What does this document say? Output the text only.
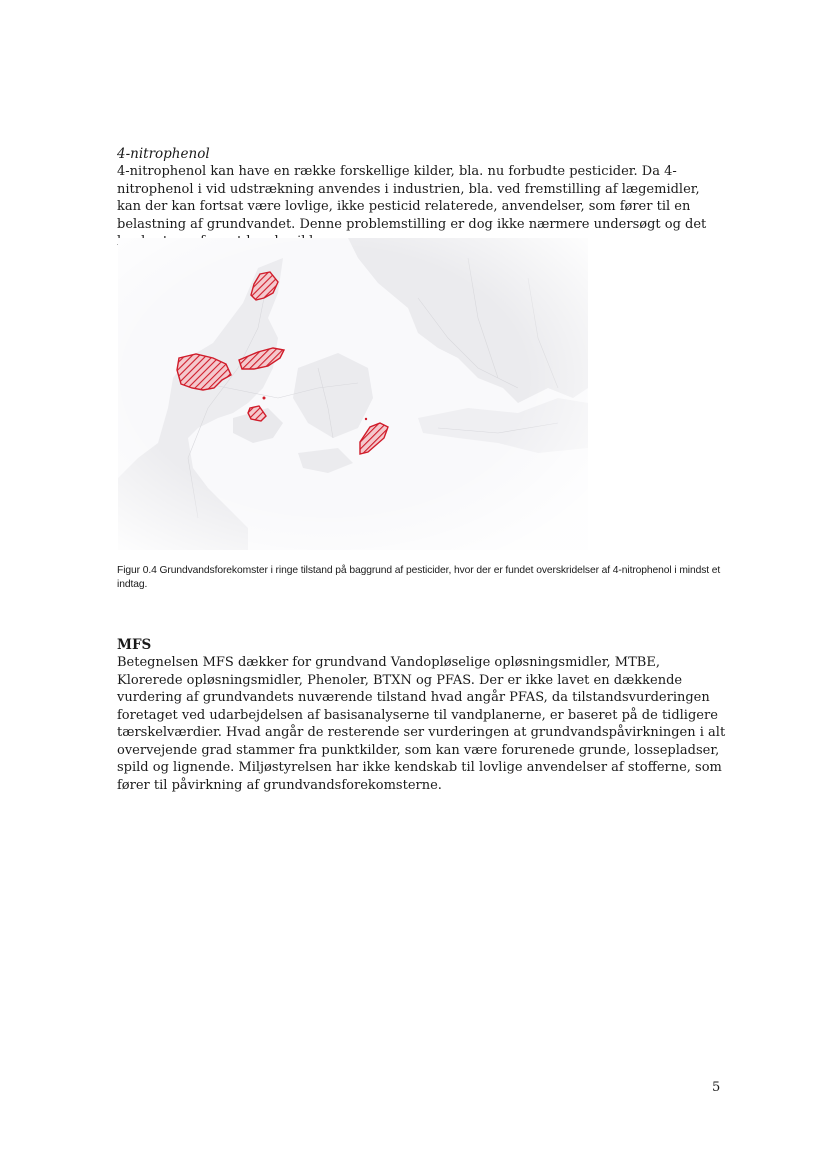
4-nitrophenol

4-nitrophenol kan have en række forskellige kilder, bla. nu forbudte pesticider. Da 4-nitrophenol i vid udstrækning anvendes i industrien, bla. ved fremstilling af lægemidler, kan der kan fortsat være lovlige, ikke pesticid relaterede, anvendelser, som fører til en belastning af grundvandet. Denne problemstilling er dog ikke nærmere undersøgt og det

Figur 0.4 Grundvandsforekomster i ringe tilstand på baggrund af pesticider, hvor der er fundet overskridelser af 4-nitrophenol i mindst et indtag.

MFS

Betegnelsen MFS dækker for grundvand Vandopløselige opløsningsmidler, MTBE, Klorerede opløsningsmidler, Phenoler, BTXN og PFAS. Der er ikke lavet en dækkende vurdering af grundvandets nuværende tilstand hvad angår PFAS, da tilstandsvurderingen foretaget ved udarbejdelsen af basisanalyserne til vandplanerne, er baseret på de tidligere tærskelværdier. Hvad angår de resterende ser vurderingen at grundvandspåvirkningen i alt overvejende grad stammer fra punktkilder, som kan være forurenede grunde, lossepladser, spild og lignende. Miljøstyrelsen har ikke kendskab til lovlige anvendelser af stofferne, som fører til påvirkning af grundvandsforekomsterne.

5
